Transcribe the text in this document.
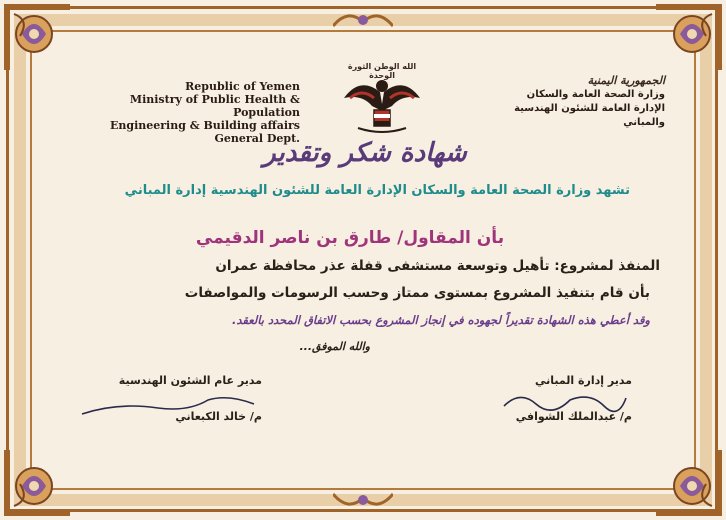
Republic of Yemen
Ministry of Public Health &
Population
Engineering & Building affairs
General Dept.
الجمهورية اليمنية
وزارة الصحة العامة والسكان
الإدارة العامة للشئون الهندسية
والمباني
الله الوطن الثورة الوحدة
شهادة شكر وتقدير
تشهد وزارة الصحة العامة والسكان الإدارة العامة للشئون الهندسية إدارة المباني
بأن المقاول/ طارق بن ناصر الدقيمي
المنفذ لمشروع: تأهيل وتوسعة مستشفى قفلة عذر محافظة عمران
بأن قام بتنفيذ المشروع بمستوى ممتاز وحسب الرسومات والمواصفات
وقد أعطي هذه الشهادة تقديراً لجهوده في إنجاز المشروع بحسب الاتفاق المحدد بالعقد.
والله الموفق...
مدير إدارة المباني
م/ عبدالملك الشوافي
مدير عام الشئون الهندسية
م/ خالد الكبعاني
